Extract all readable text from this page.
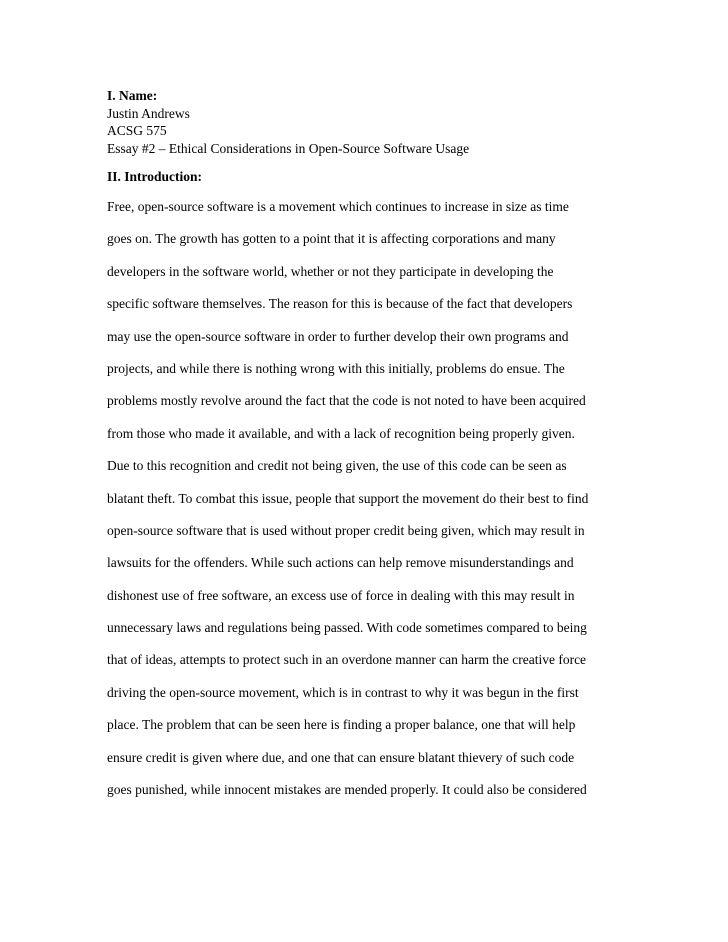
I. Name:
Justin Andrews
ACSG 575
Essay #2 – Ethical Considerations in Open-Source Software Usage
II. Introduction:
Free, open-source software is a movement which continues to increase in size as time
goes on. The growth has gotten to a point that it is affecting corporations and many
developers in the software world, whether or not they participate in developing the
specific software themselves. The reason for this is because of the fact that developers
may use the open-source software in order to further develop their own programs and
projects, and while there is nothing wrong with this initially, problems do ensue. The
problems mostly revolve around the fact that the code is not noted to have been acquired
from those who made it available, and with a lack of recognition being properly given.
Due to this recognition and credit not being given, the use of this code can be seen as
blatant theft. To combat this issue, people that support the movement do their best to find
open-source software that is used without proper credit being given, which may result in
lawsuits for the offenders. While such actions can help remove misunderstandings and
dishonest use of free software, an excess use of force in dealing with this may result in
unnecessary laws and regulations being passed. With code sometimes compared to being
that of ideas, attempts to protect such in an overdone manner can harm the creative force
driving the open-source movement, which is in contrast to why it was begun in the first
place. The problem that can be seen here is finding a proper balance, one that will help
ensure credit is given where due, and one that can ensure blatant thievery of such code
goes punished, while innocent mistakes are mended properly. It could also be considered
